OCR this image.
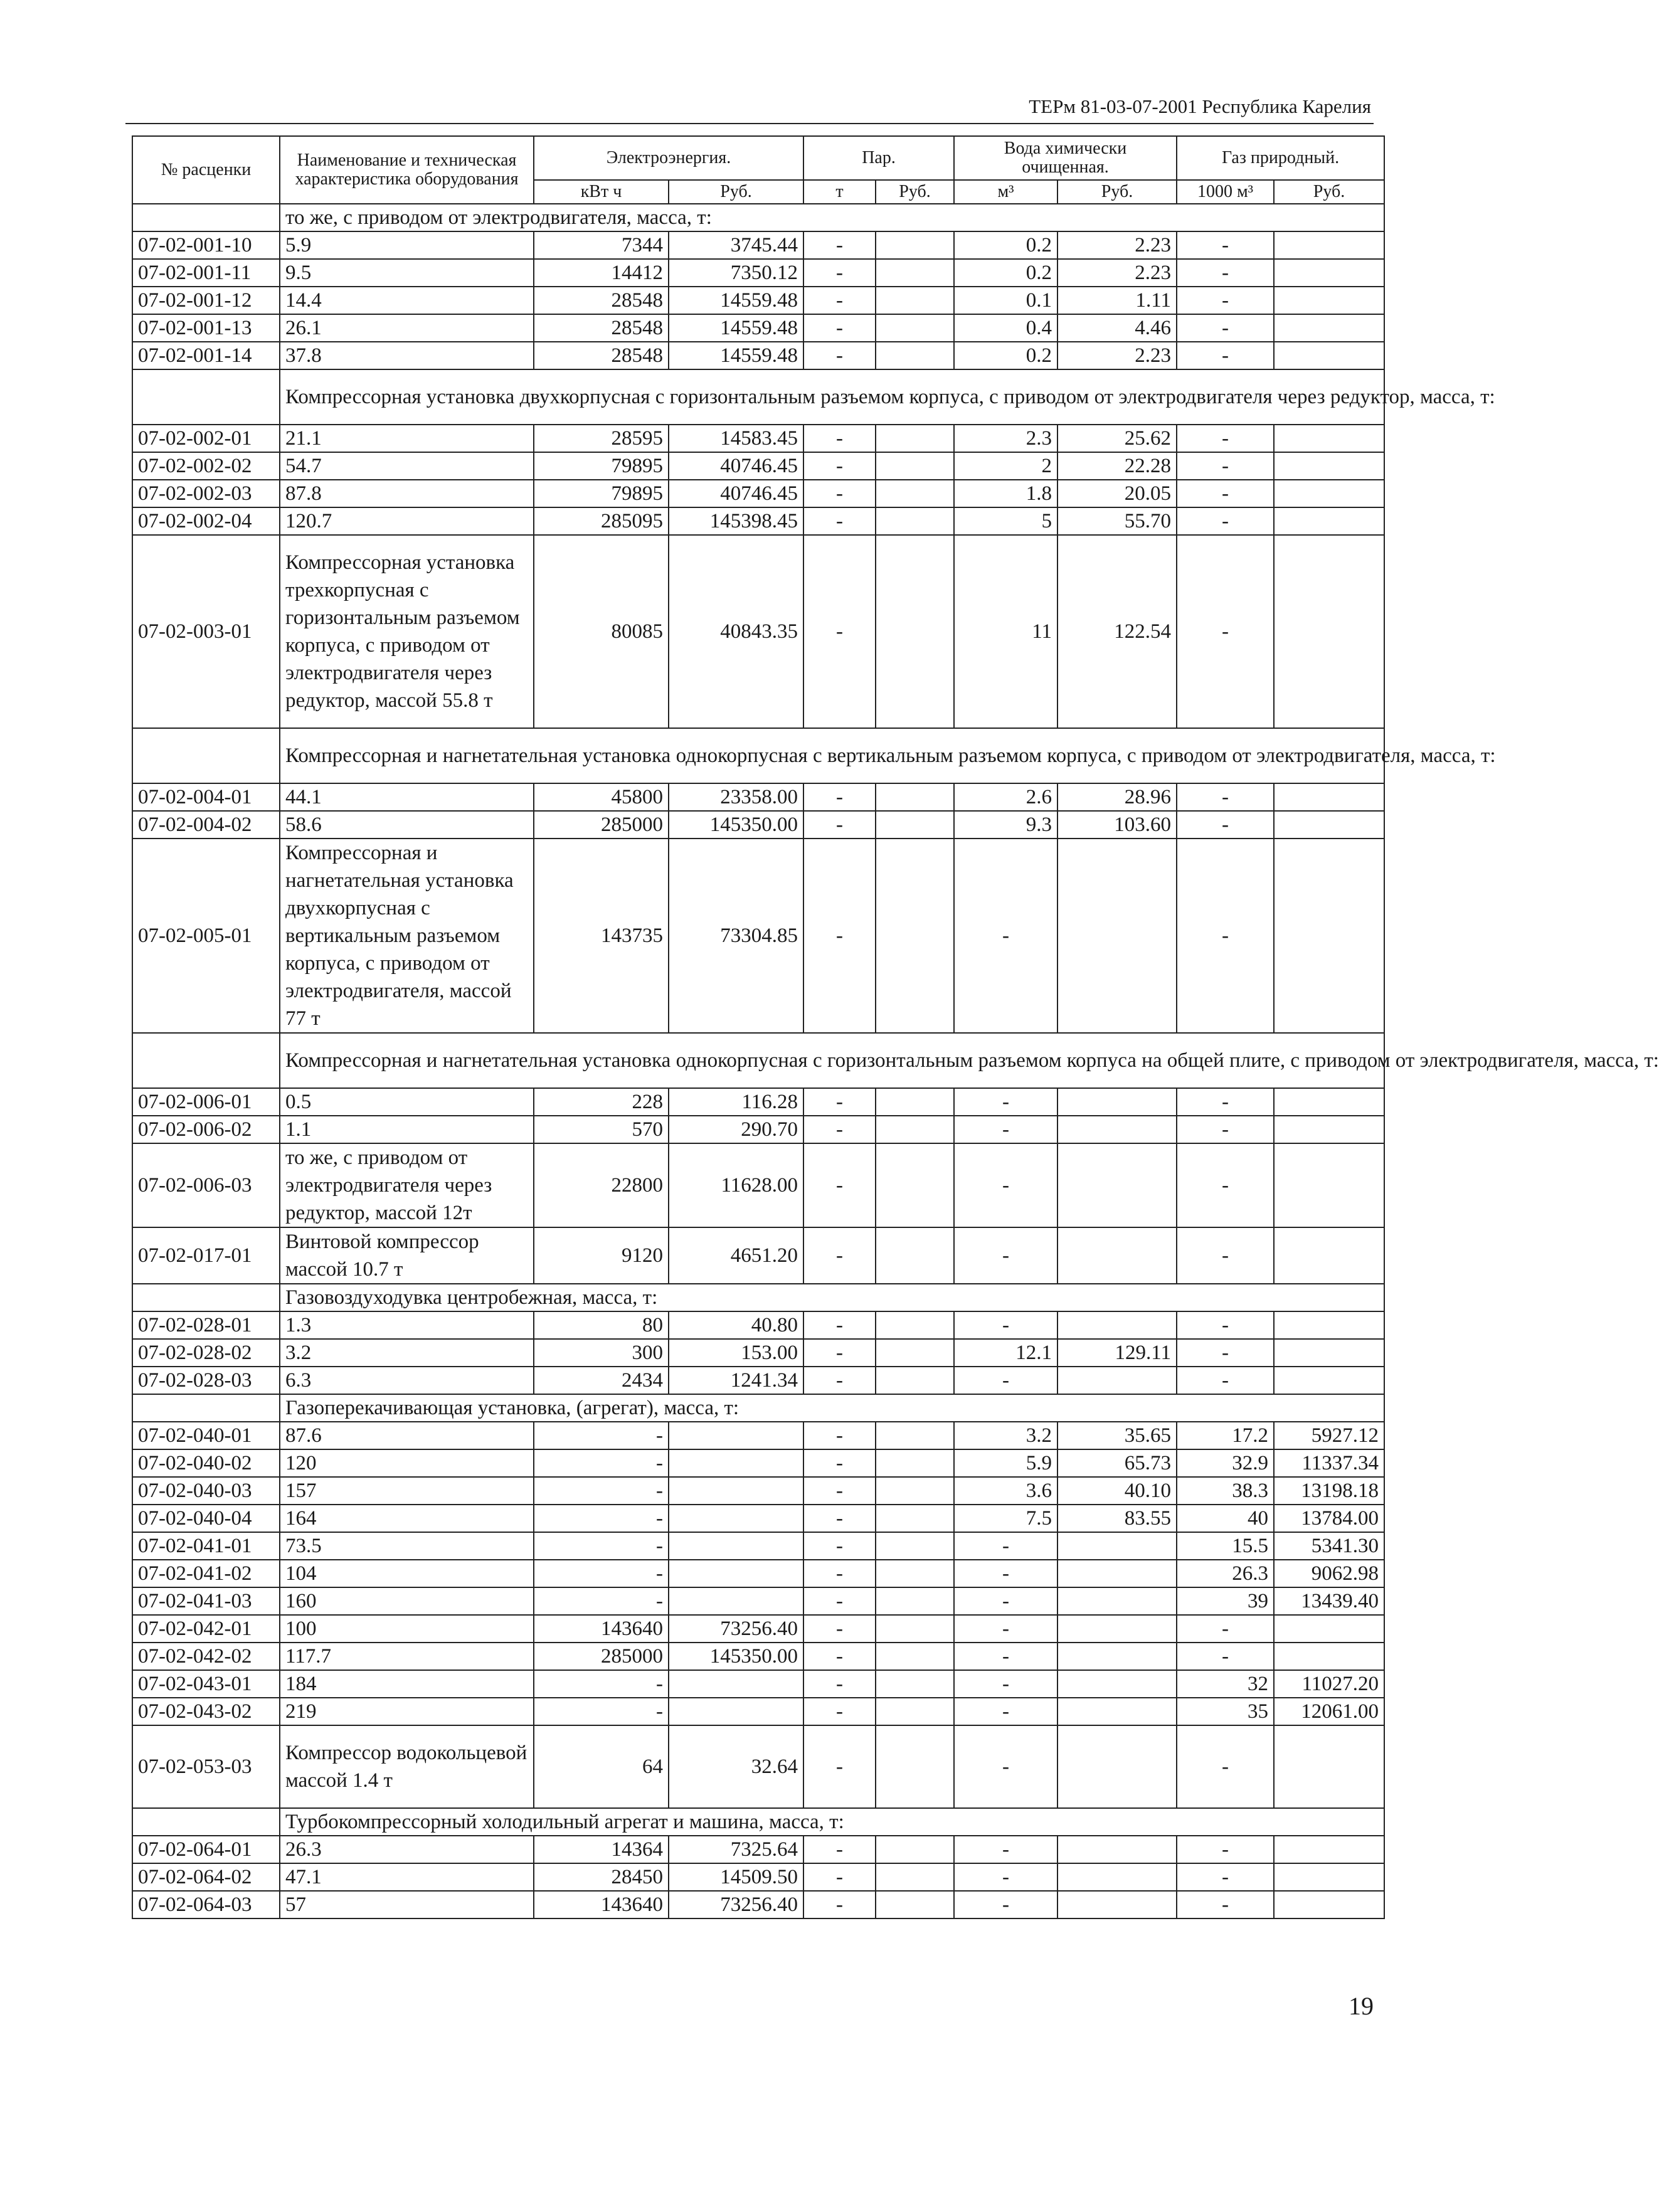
ТЕРм 81-03-07-2001 Республика Карелия
№ расценки	Наименование и техническая характеристика оборудования	Электроэнергия.		Пар.		Вода химически очищенная.		Газ природный.	
		кВт ч	Руб.	т	Руб.	м³	Руб.	1000 м³	Руб.
	то же, с приводом от электродвигателя, масса, т:								
07-02-001-10	5.9	7344	3745.44	-		0.2	2.23	-	
07-02-001-11	9.5	14412	7350.12	-		0.2	2.23	-	
07-02-001-12	14.4	28548	14559.48	-		0.1	1.11	-	
07-02-001-13	26.1	28548	14559.48	-		0.4	4.46	-	
07-02-001-14	37.8	28548	14559.48	-		0.2	2.23	-	
	Компрессорная установка двухкорпусная с горизонтальным разъемом корпуса, с приводом от электродвигателя через редуктор, масса, т:								
07-02-002-01	21.1	28595	14583.45	-		2.3	25.62	-	
07-02-002-02	54.7	79895	40746.45	-		2	22.28	-	
07-02-002-03	87.8	79895	40746.45	-		1.8	20.05	-	
07-02-002-04	120.7	285095	145398.45	-		5	55.70	-	
07-02-003-01	Компрессорная установка трехкорпусная с горизонтальным разъемом корпуса, с приводом от электродвигателя через редуктор, массой 55.8 т	80085	40843.35	-		11	122.54	-	
	Компрессорная и нагнетательная установка однокорпусная с вертикальным разъемом корпуса, с приводом от электродвигателя, масса, т:								
07-02-004-01	44.1	45800	23358.00	-		2.6	28.96	-	
07-02-004-02	58.6	285000	145350.00	-		9.3	103.60	-	
07-02-005-01	Компрессорная и нагнетательная установка двухкорпусная с вертикальным разъемом корпуса, с приводом от электродвигателя, массой 77 т	143735	73304.85	-		-		-	
	Компрессорная и нагнетательная установка однокорпусная с горизонтальным разъемом корпуса на общей плите, с приводом от электродвигателя, масса, т:								
07-02-006-01	0.5	228	116.28	-		-		-	
07-02-006-02	1.1	570	290.70	-		-		-	
07-02-006-03	то же, с приводом от электродвигателя через редуктор, массой 12т	22800	11628.00	-		-		-	
07-02-017-01	Винтовой компрессор массой 10.7 т	9120	4651.20	-		-		-	
	Газовоздуходувка центробежная, масса, т:								
07-02-028-01	1.3	80	40.80	-		-		-	
07-02-028-02	3.2	300	153.00	-		12.1	129.11	-	
07-02-028-03	6.3	2434	1241.34	-		-		-	
	Газоперекачивающая установка, (агрегат), масса, т:								
07-02-040-01	87.6	-		-		3.2	35.65	17.2	5927.12
07-02-040-02	120	-		-		5.9	65.73	32.9	11337.34
07-02-040-03	157	-		-		3.6	40.10	38.3	13198.18
07-02-040-04	164	-		-		7.5	83.55	40	13784.00
07-02-041-01	73.5	-		-		-		15.5	5341.30
07-02-041-02	104	-		-		-		26.3	9062.98
07-02-041-03	160	-		-		-		39	13439.40
07-02-042-01	100	143640	73256.40	-		-		-	
07-02-042-02	117.7	285000	145350.00	-		-		-	
07-02-043-01	184	-		-		-		32	11027.20
07-02-043-02	219	-		-		-		35	12061.00
07-02-053-03	Компрессор водокольцевой массой 1.4 т	64	32.64	-		-		-	
	Турбокомпрессорный холодильный агрегат и машина, масса, т:								
07-02-064-01	26.3	14364	7325.64	-		-		-	
07-02-064-02	47.1	28450	14509.50	-		-		-	
07-02-064-03	57	143640	73256.40	-		-		-	
19
